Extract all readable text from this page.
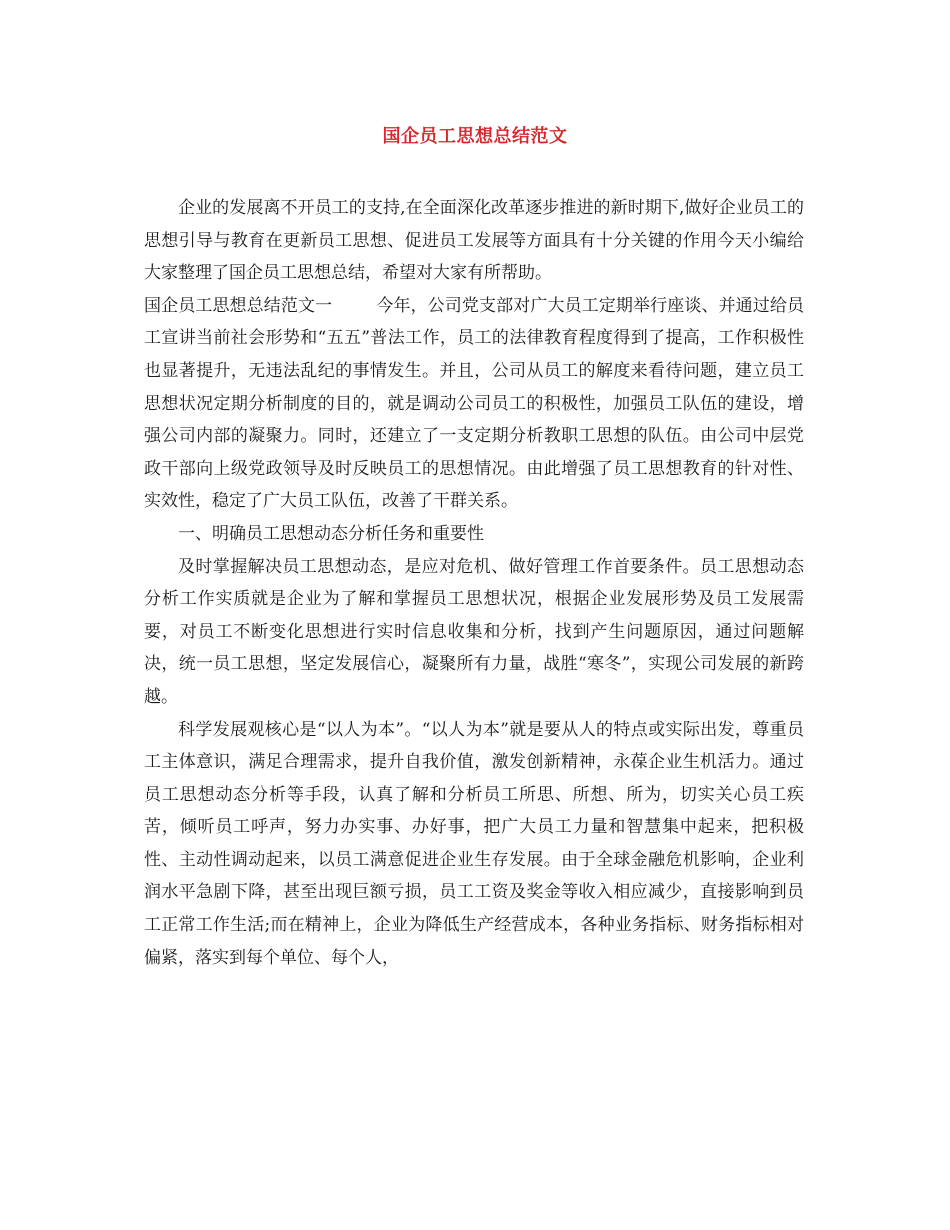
国企员工思想总结范文

企业的发展离不开员工的支持,在全面深化改革逐步推进的新时期下,做好企业员工的思想引导与教育在更新员工思想、促进员工发展等方面具有十分关键的作用今天小编给大家整理了国企员工思想总结，希望对大家有所帮助。

国企员工思想总结范文一	今年，公司党支部对广大员工定期举行座谈、并通过给员工宣讲当前社会形势和“五五”普法工作，员工的法律教育程度得到了提高，工作积极性也显著提升，无违法乱纪的事情发生。并且，公司从员工的解度来看待问题，建立员工思想状况定期分析制度的目的，就是调动公司员工的积极性，加强员工队伍的建设，增强公司内部的凝聚力。同时，还建立了一支定期分析教职工思想的队伍。由公司中层党政干部向上级党政领导及时反映员工的思想情况。由此增强了员工思想教育的针对性、实效性，稳定了广大员工队伍，改善了干群关系。

一、明确员工思想动态分析任务和重要性

及时掌握解决员工思想动态，是应对危机、做好管理工作首要条件。员工思想动态分析工作实质就是企业为了解和掌握员工思想状况，根据企业发展形势及员工发展需要，对员工不断变化思想进行实时信息收集和分析，找到产生问题原因，通过问题解决，统一员工思想，坚定发展信心，凝聚所有力量，战胜“寒冬”，实现公司发展的新跨越。

科学发展观核心是“以人为本”。“以人为本”就是要从人的特点或实际出发，尊重员工主体意识，满足合理需求，提升自我价值，激发创新精神，永葆企业生机活力。通过员工思想动态分析等手段，认真了解和分析员工所思、所想、所为，切实关心员工疾苦，倾听员工呼声，努力办实事、办好事，把广大员工力量和智慧集中起来，把积极性、主动性调动起来，以员工满意促进企业生存发展。由于全球金融危机影响，企业利润水平急剧下降，甚至出现巨额亏损，员工工资及奖金等收入相应减少，直接影响到员工正常工作生活;而在精神上，企业为降低生产经营成本，各种业务指标、财务指标相对偏紧，落实到每个单位、每个人，
